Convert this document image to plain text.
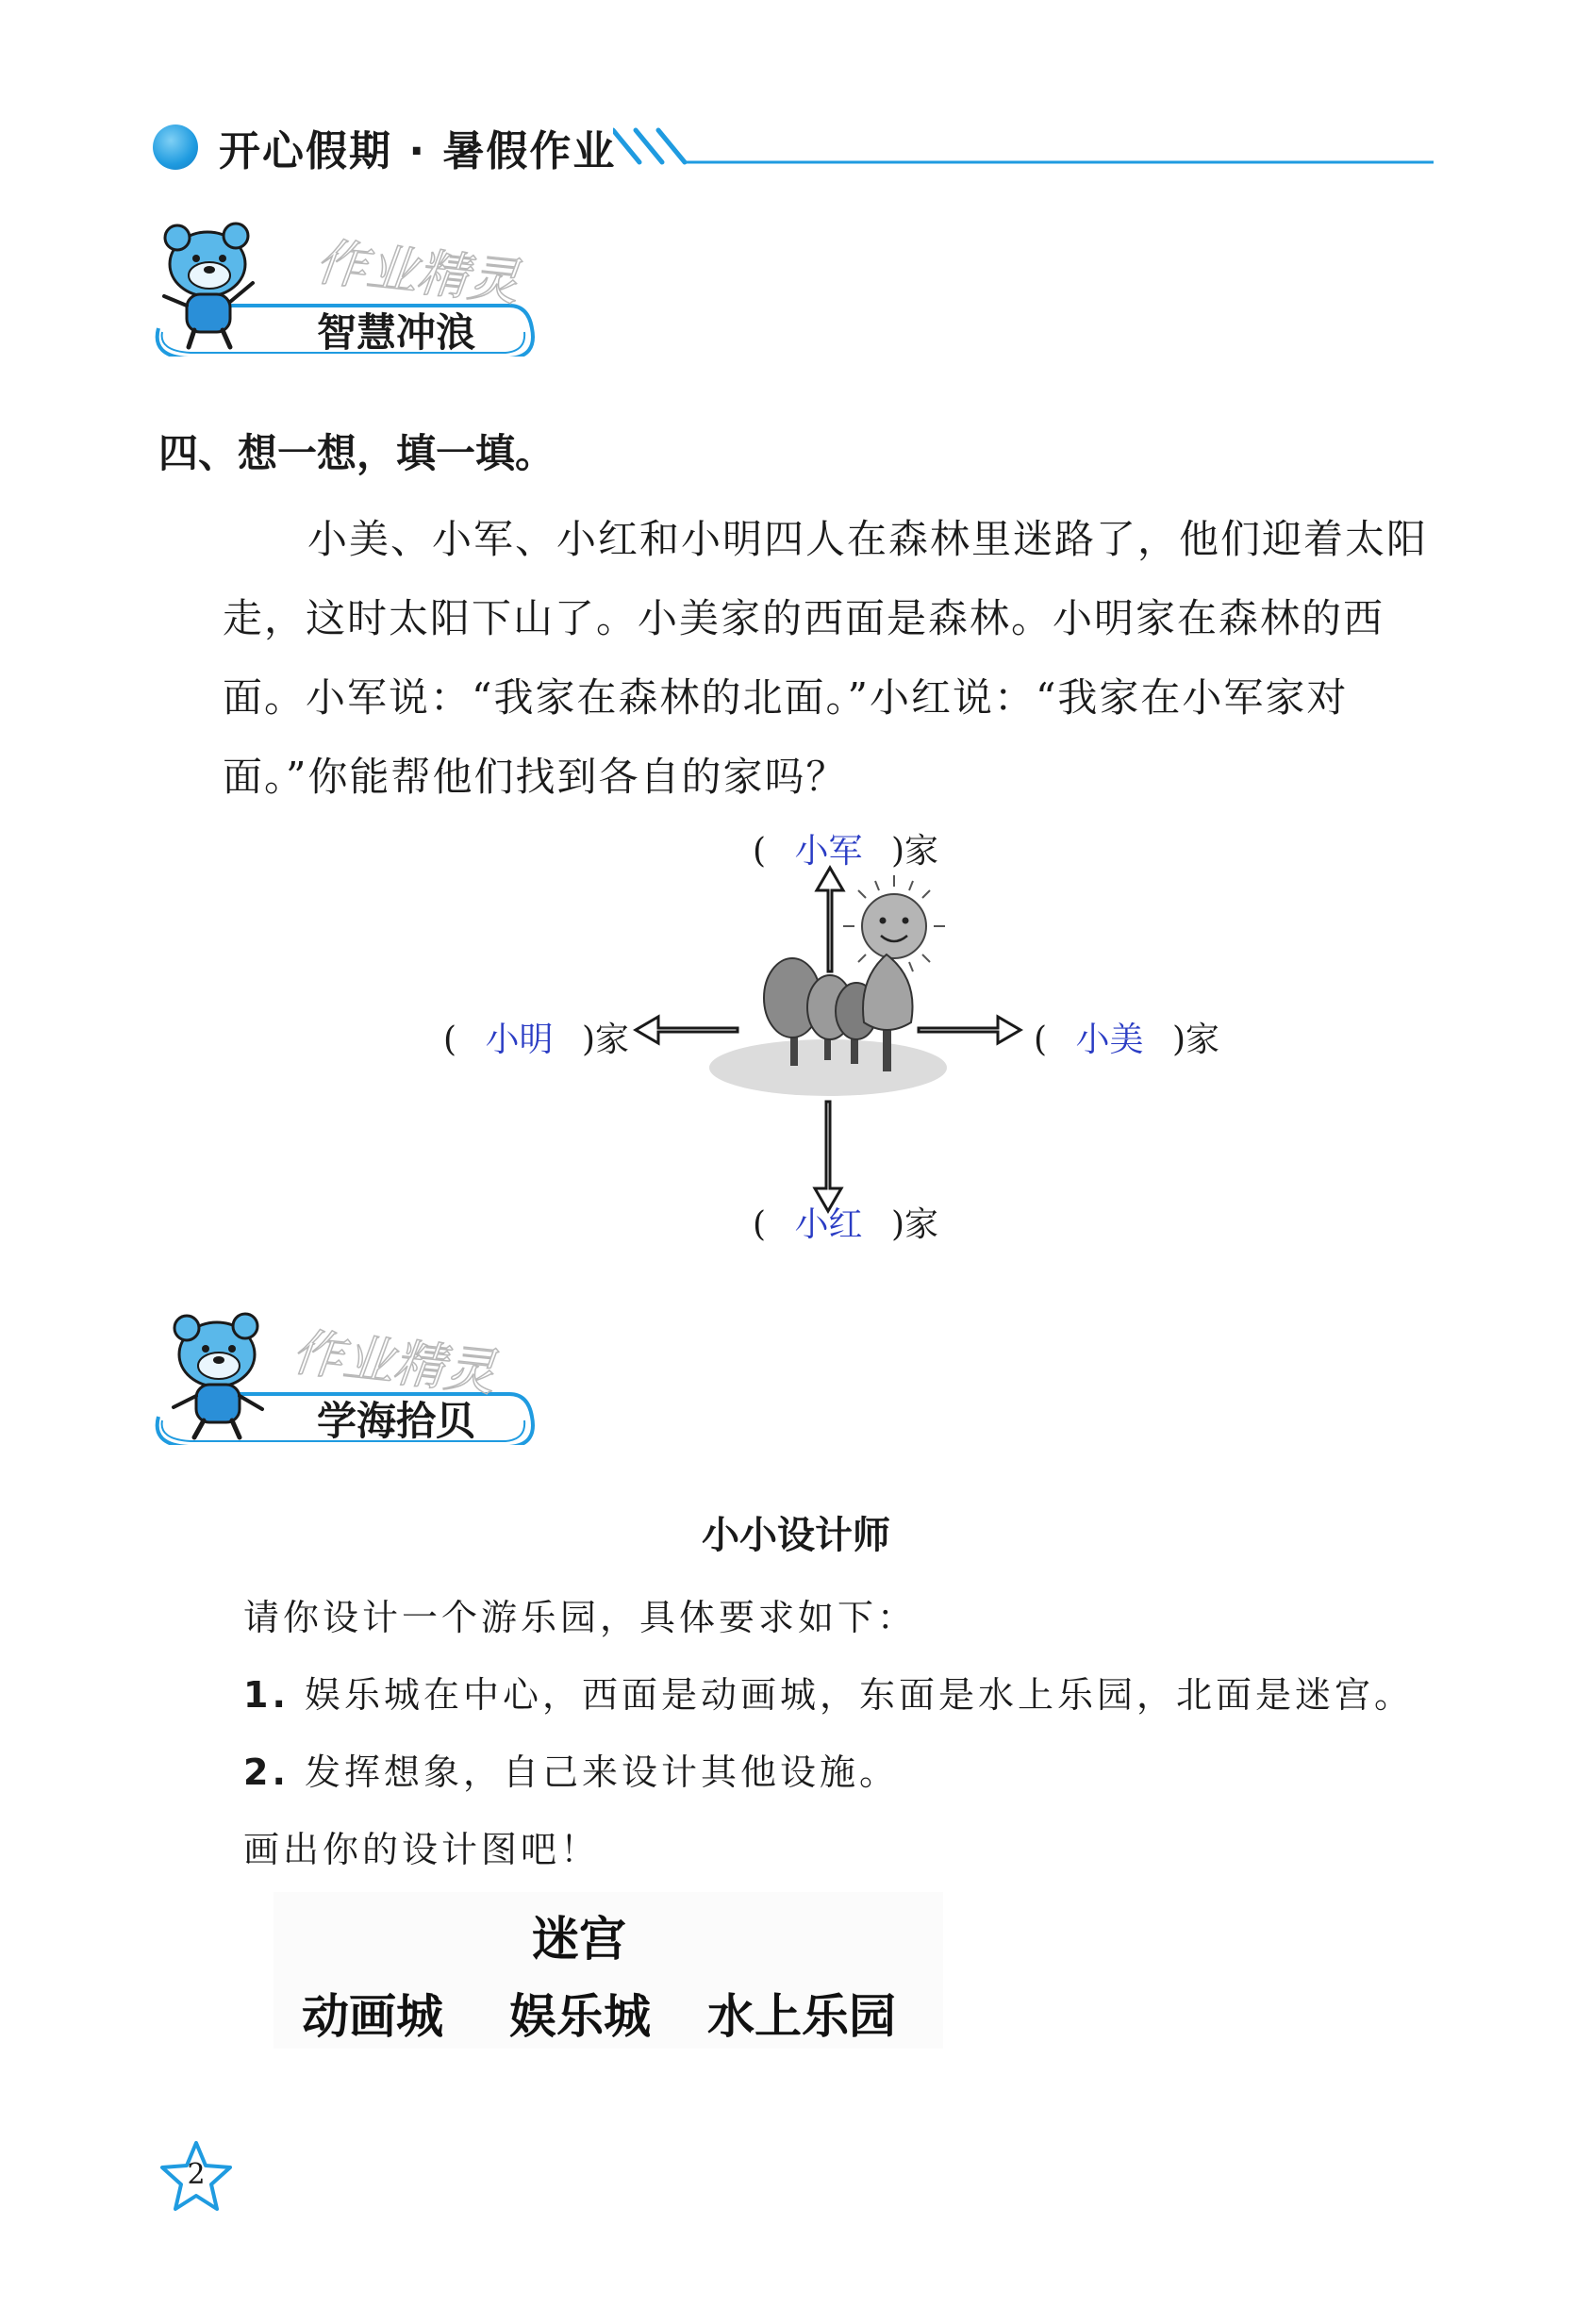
开心假期 · 暑假作业
作业精灵
智慧冲浪
四、想一想，填一填。
小美、小军、小红和小明四人在森林里迷路了，他们迎着太阳
走，这时太阳下山了。小美家的西面是森林。小明家在森林的西
面。小军说：“我家在森林的北面。”小红说：“我家在小军家对
面。”你能帮他们找到各自的家吗？
( 小军 )家
( 小明 )家	( 小美 )家
( 小红 )家
作业精灵
学海拾贝
小小设计师
请你设计一个游乐园，具体要求如下：
1. 娱乐城在中心，西面是动画城，东面是水上乐园，北面是迷宫。
2. 发挥想象，自己来设计其他设施。
画出你的设计图吧！
迷宫
动画城 娱乐城 水上乐园
2
